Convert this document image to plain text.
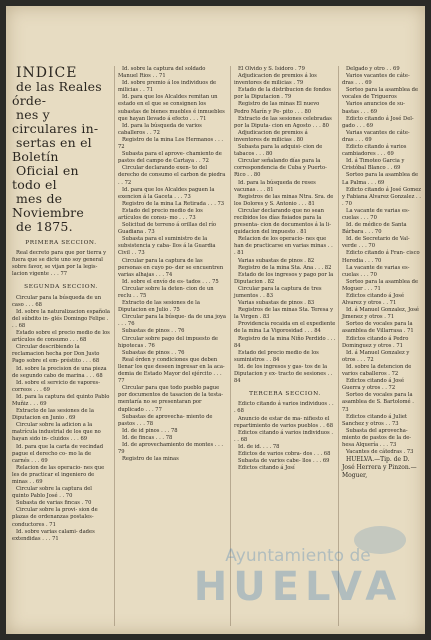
INDICE

de las Reales órde-

nes y circulares in-

sertas en el Boletín

Oficial en todo el

mes de Noviembre

de 1875.

PRIMERA SECCION.

Real decreto para que por tierra y fuera que se dicte uno soy general sobre favor, se vijan por la legis- lacion vigente . . . 77

SEGUNDA SECCION.

Circular para la búsqueda de un caso . . . 68

Id. sobre la naturalizacion española del súbdito in- glés Domingo Felipe . . . 68

Estado sobre el precio medio de los artículos de consumo . . . 68

Circular describiendo la reclamacion hecha por Don Justo Pago sobre el em- préstito . . . 68

Id. sobre la precision de una pieza de segundo cabo de marina . . . 68

Id. sobre el servicio de vapores-correos . . . 69

Id. para la captura del quinto Pablo Muñiz . . . 69

Extracto de las sesiones de la Diputacion en Junio . 69

Circular sobre la adicion a la matrícula industrial de los que no hayan sido in- cluidos . . . 69

Id. para que la carta de vecindad pague el derecho co- mo la de carnés . . . 69

Relacion de las operacio- nes que les de practicar el ingeniero de minas . . 69

Circular sobre la captura del quinto Pablo José . . 70

Subasta de varias fincas . 70

Circular sobre la provi- sion de plazas de ordenanzas postales-conductores . 71

Id. sobre varias calami- dades extendidas . . . 71

Id. sobre la captura del soldado Manuel Rios . . 71

Id. sobre premio á los individuos de milicias . . 71

Id. para que los Alcaldes remitan un estado en el que se consignen los subastas de bienes muebles é inmuebles que hayan llevado á efecto . . . 71

Id. para la búsqueda de varios caballeros . . 72

Registro de la mina Los Hermanos . . . 72

Subasta para el aprove- chamiento de pastos del campo de Cartaya . . 72

Circular declarando exen- to del derecho de consumo el carbon de piedra . . 72

Id. para que los Alcaldes paguen la exencion á la Gaceta . . . 73

Registro de la mina La Retirada . . . 73

Estado del precio medio de los artículos de consu- mo . . . 73

Solicitud de terreno á orillas del río Guadiana . 73

Subasta para el suministro de la subsistencia y caba- llos á la Guardia Civil . . 73

Circular para la captura de las personas en cuyo po- der se encuentren varias alhajas . . . 74

Id. sobre el envío de es- tados . . . 75

Circular sobre la deten- cion de un reclu . . 75

Extracto de las sesiones de la Diputacion en Julio . 75

Circular para la búsque- da de una joya . . . 76

Subastas de pinos . . 76

Circular sobre pago del impuesto de hipotecas . 76

Subastas de pinos . . 76

Real órden y condiciones que deben llenar los que deseen ingresar en la aca- demia de Estado Mayor del ejército . . . 77

Circular para que todo pueblo pague por documentos de tasacion de la testa- mentaría no se presentaran por duplicado . . . 77

Subastas de aprovecha- miento de pastos . . . 78

Id. de id pinos . . . 78

Id. de fincas . . . 78

Id. de aprovechamiento de montes . . . 79

Registro de las minas

El Olvido y S. Isidoro . 79

Adjudicacion de premios á los inventores de milicias . 79

Estado de la distribucion de fondos por la Diputacion . 79

Registro de las minas El nuevo Pedro Marín y Pe- pito . . . 80

Extracto de las sesiones celebradas por la Diputa- cion en Agosto . . . 80

Adjudicacion de premios á inventores de milicias . 80

Subasta para la adquisi- cion de tabacos . . . 80

Circular señalando días para la correspondencia de Cuba y Puerto-Rico . . 80

Id. para la búsqueda de reses vacunas . . . 81

Registros de las minas Ntra. Sra. de los Dolores y S. Antonio . . . 81

Circular declarando que no sean recibidos los días fisiados para la presenta- cion de documentos á la li- quidacion del impuesto . 81

Relacion de los operacio- nes que han de practicarse en varias minas . . . 81

Varias subastas de pinos . 82

Registro de la mina Sta. Ana . . . 82

Estado de los ingresos y pago por la Diputacion . 82

Circular para la captura de tres jumentos . . 83

Varias subastas de pinos . 83

Registros de las minas Sta. Teresa y la Virgen . 83

Providencia recaida en el expediente de la mina La Vigorosidad . . . 84

Registro de la mina Niño Perdido . . . 84

Estado del precio medio de los suministros . . 84

Id. de los ingresos y gas- tos de la Diputacion y ex- tracto de sesiones . . 84

TERCERA SECCION.

Edicto citando á varios individuos . . . 68

Anuncio de estar de ma- nifiesto el repartimiento de varios pueblos . . 68

Edictos citando á varios individuos . . . 68

Id. de id. . . . 78

Edictos de varios cobra- dos . . . 68

Subasta de varios cabe- llos . . . 69

Edictos citando á Josí

Delgado y otro . . 69

Varios vacantes de cáte- dras . . . 69

Sorteo para la asamblea de vocales de Trigueros

Varios anuncios de su- bastas . . . 69

Edicto citando á José Del- gado . . . 69

Varias vacantes de cáte- dras . . . 69

Edicto citando á varios cambiadores . . . 69

Id. á Timoteo Garcia y Cristóbal Blanco . . 69

Sorteo para la asamblea de La Palma . . . 69

Edicto citando á José Gomez y Fabiana Alvarez Gonzalez . . . 70

La vacante de varias es- cuelas . . . 70

Id. de médico de Santa Bárbara . . . 70

Id. de Secretario de Val- verde . . . 70

Edicto citando á Fran- cisco Heredia . . . 70

La vacante de varias es- cuelas . . . 70

Sorteo para la asamblea de Moguer . . . 71

Edictos citando á José Alvarez y otros . . 71

Id. á Manuel Gonzalez, José Jimenez y otros . 71

Sorteo de vocales para la asamblea de Villarrasa . 71

Edictos citando á Pedro Dominguez y otros . 71

Id. á Manuel Gonzalez y otros . . . 72

Id. sobre la detencion de varios caballeros . 72

Edictos citando á José Guerra y otros . . 72

Sorteo de vocales para la asamblea de S. Bartolomé . 73

Edictos citando á Juliet Sanchez y otros . . 73

Subasta del aprovecha- miento de pastos de la de- hesa Alquería . . . 73

Vacantes de cátedras . 73

HUELVA.—Tip. de D. José Herrera y Pinzon.—Moguer,

Ayuntamiento de
HUELVA
